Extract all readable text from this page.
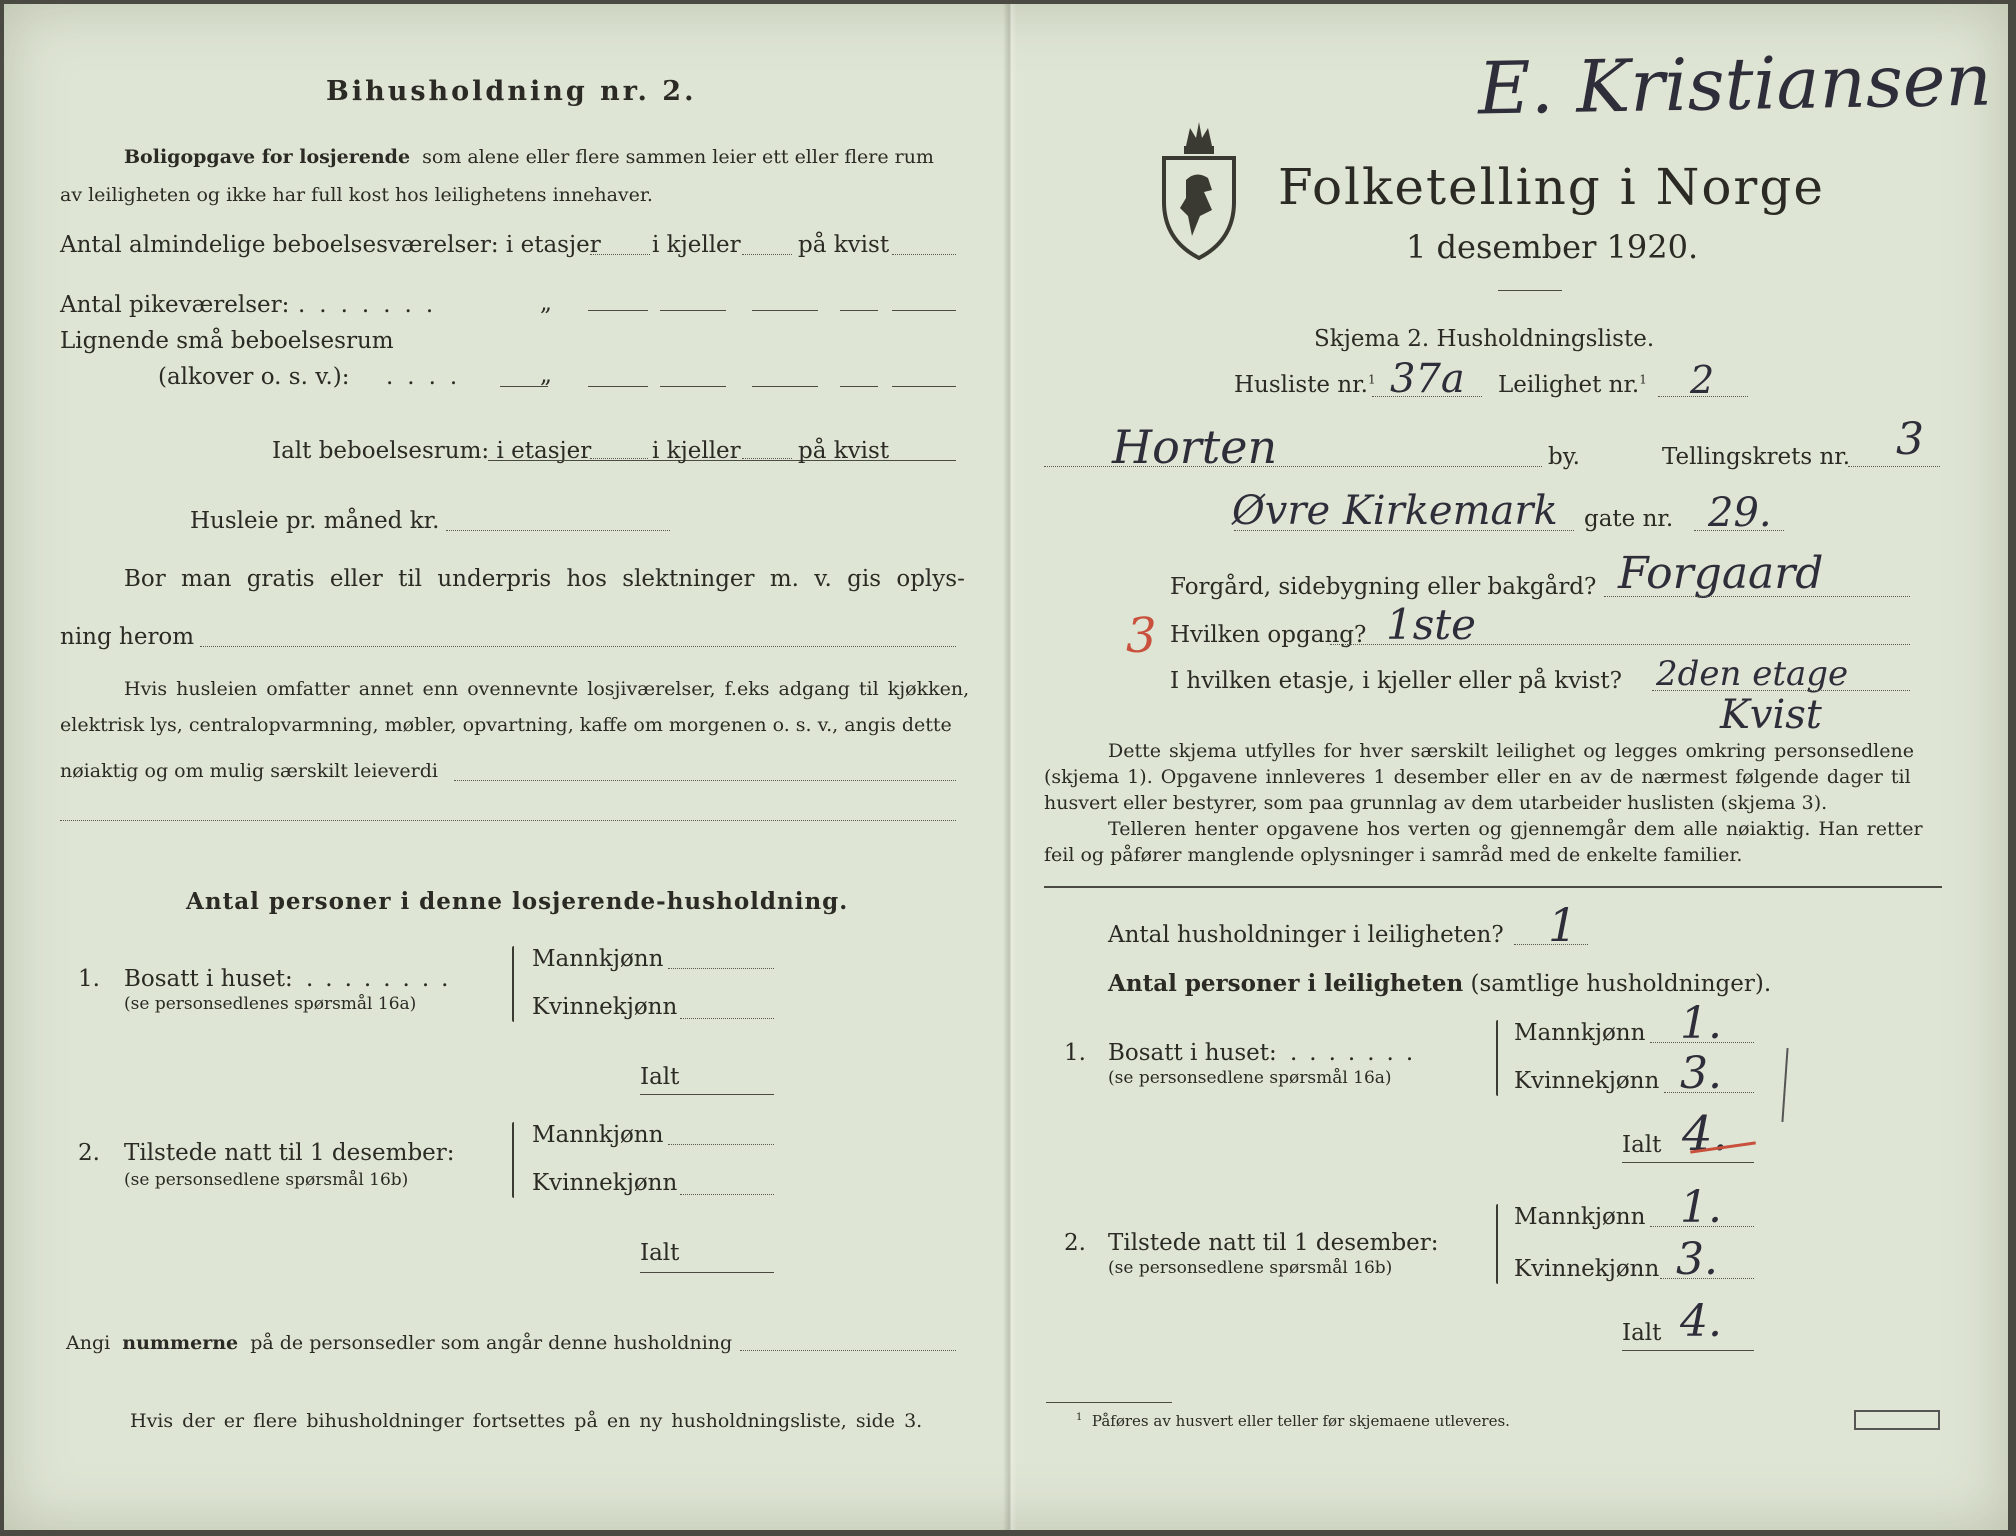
Bihusholdning nr. 2.
Boligopgave for losjerende som alene eller flere sammen leier ett eller flere rum
av leiligheten og ikke har full kost hos leilighetens innehaver.
Antal almindelige beboelsesværelser: i etasjer i kjeller på kvist
Antal pikeværelser: .......	„
Lignende små beboelsesrum
(alkover o. s. v.): ....	„
Ialt beboelsesrum: i etasjer	i kjeller på kvist
Husleie pr. måned kr.
Bor man gratis eller til underpris hos slektninger m. v. gis oplys-
ning herom
Hvis husleien omfatter annet enn ovennevnte losjiværelser, f.eks adgang til kjøkken,
elektrisk lys, centralopvarmning, møbler, opvartning, kaffe om morgenen o. s. v., angis dette
nøiaktig og om mulig særskilt leieverdi
Antal personer i denne losjerende-husholdning.
1. Bosatt i huset: ........
(se personsedlenes spørsmål 16a)
Mannkjønn
Kvinnekjønn
Ialt
2. Tilstede natt til 1 desember:
(se personsedlene spørsmål 16b)
Mannkjønn
Kvinnekjønn
Ialt
Angi nummerne på de personsedler som angår denne husholdning
Hvis der er flere bihusholdninger fortsettes på en ny husholdningsliste, side 3.
E. Kristiansen
Folketelling i Norge
1 desember 1920.
Skjema 2. Husholdningsliste.
Husliste nr.$^1$ 37a Leilighet nr.$^1$ 2
Horten	by.	Tellingskrets nr. 3
Øvre Kirkemark gate nr. 29.
Forgård, sidebygning eller bakgård? Forgaard
3 Hvilken opgang? 1ste
I hvilken etasje, i kjeller eller på kvist? 2den etage
Kvist
Dette skjema utfylles for hver særskilt leilighet og legges omkring personsedlene
(skjema 1). Opgavene innleveres 1 desember eller en av de nærmest følgende dager til
husvert eller bestyrer, som paa grunnlag av dem utarbeider huslisten (skjema 3).
Telleren henter opgavene hos verten og gjennemgår dem alle nøiaktig. Han retter
feil og påfører manglende oplysninger i samråd med de enkelte familier.
Antal husholdninger i leiligheten? 1
Antal personer i leiligheten (samtlige husholdninger).
1. Bosatt i huset: .......
(se personsedlene spørsmål 16a)
Mannkjønn 1.
Kvinnekjønn 3.
Ialt 4.
2. Tilstede natt til 1 desember:
(se personsedlene spørsmål 16b)
Mannkjønn 1.
Kvinnekjønn 3.
Ialt 4.
$^1$ Påføres av husvert eller teller før skjemaene utleveres.
